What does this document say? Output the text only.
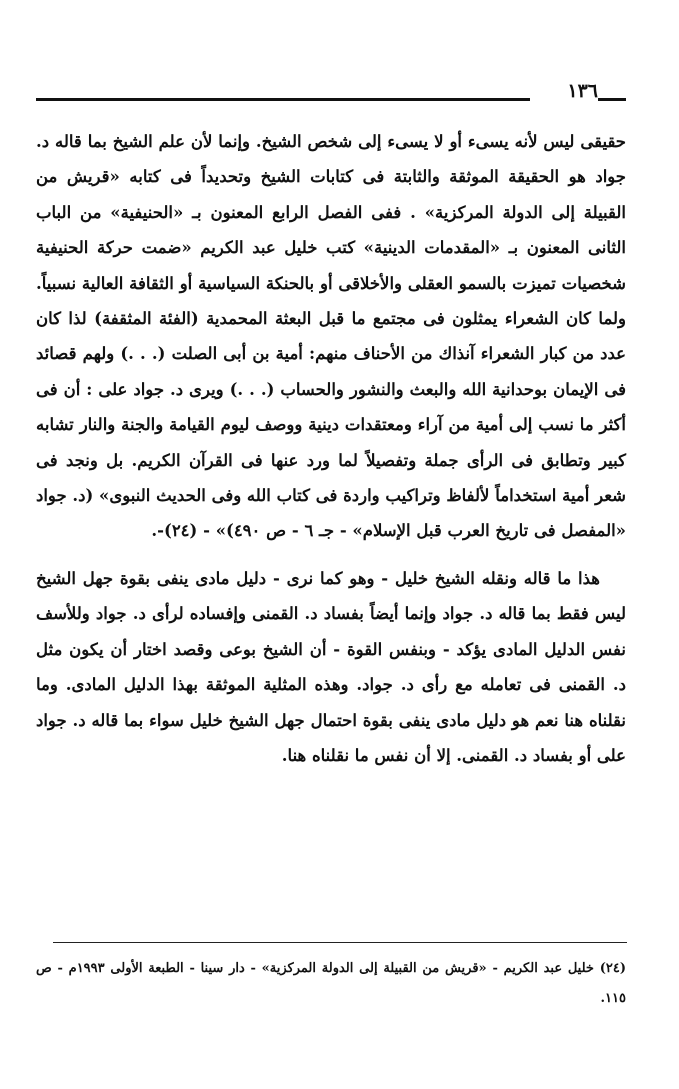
١٣٦

حقيقى ليس لأنه يسىء أو لا يسىء إلى شخص الشيخ. وإنما لأن علم الشيخ بما قاله د. جواد هو الحقيقة الموثقة والثابتة فى كتابات الشيخ وتحديداً فى كتابه «قريش من القبيلة إلى الدولة المركزية» . ففى الفصل الرابع المعنون بـ «الحنيفية» من الباب الثانى المعنون بـ «المقدمات الدينية» كتب خليل عبد الكريم «ضمت حركة الحنيفية شخصيات تميزت بالسمو العقلى والأخلاقى أو بالحنكة السياسية أو الثقافة العالية نسبياً. ولما كان الشعراء يمثلون فى مجتمع ما قبل البعثة المحمدية (الفئة المثقفة) لذا كان عدد من كبار الشعراء آنذاك من الأحناف منهم: أمية بن أبى الصلت (. . .) ولهم قصائد فى الإيمان بوحدانية الله والبعث والنشور والحساب (. . .) ويرى د. جواد على : أن فى أكثر ما نسب إلى أمية من آراء ومعتقدات دينية ووصف ليوم القيامة والجنة والنار تشابه كبير وتطابق فى الرأى جملة وتفصيلاً لما ورد عنها فى القرآن الكريم. بل ونجد فى شعر أمية استخداماً لألفاظ وتراكيب واردة فى كتاب الله وفى الحديث النبوى» (د. جواد «المفصل فى تاريخ العرب قبل الإسلام» - جـ ٦ - ص ٤٩٠)» - (٢٤)-.

هذا ما قاله ونقله الشيخ خليل - وهو كما نرى - دليل مادى ينفى بقوة جهل الشيخ ليس فقط بما قاله د. جواد وإنما أيضاً بفساد د. القمنى وإفساده لرأى د. جواد وللأسف نفس الدليل المادى يؤكد - وبنفس القوة - أن الشيخ بوعى وقصد اختار أن يكون مثل د. القمنى فى تعامله مع رأى د. جواد. وهذه المثلية الموثقة بهذا الدليل المادى. وما نقلناه هنا نعم هو دليل مادى ينفى بقوة احتمال جهل الشيخ خليل سواء بما قاله د. جواد على أو بفساد د. القمنى. إلا أن نفس ما نقلناه هنا.

(٢٤) خليل عبد الكريم - «قريش من القبيلة إلى الدولة المركزية» - دار سينا - الطبعة الأولى ١٩٩٣م - ص ١١٥.
